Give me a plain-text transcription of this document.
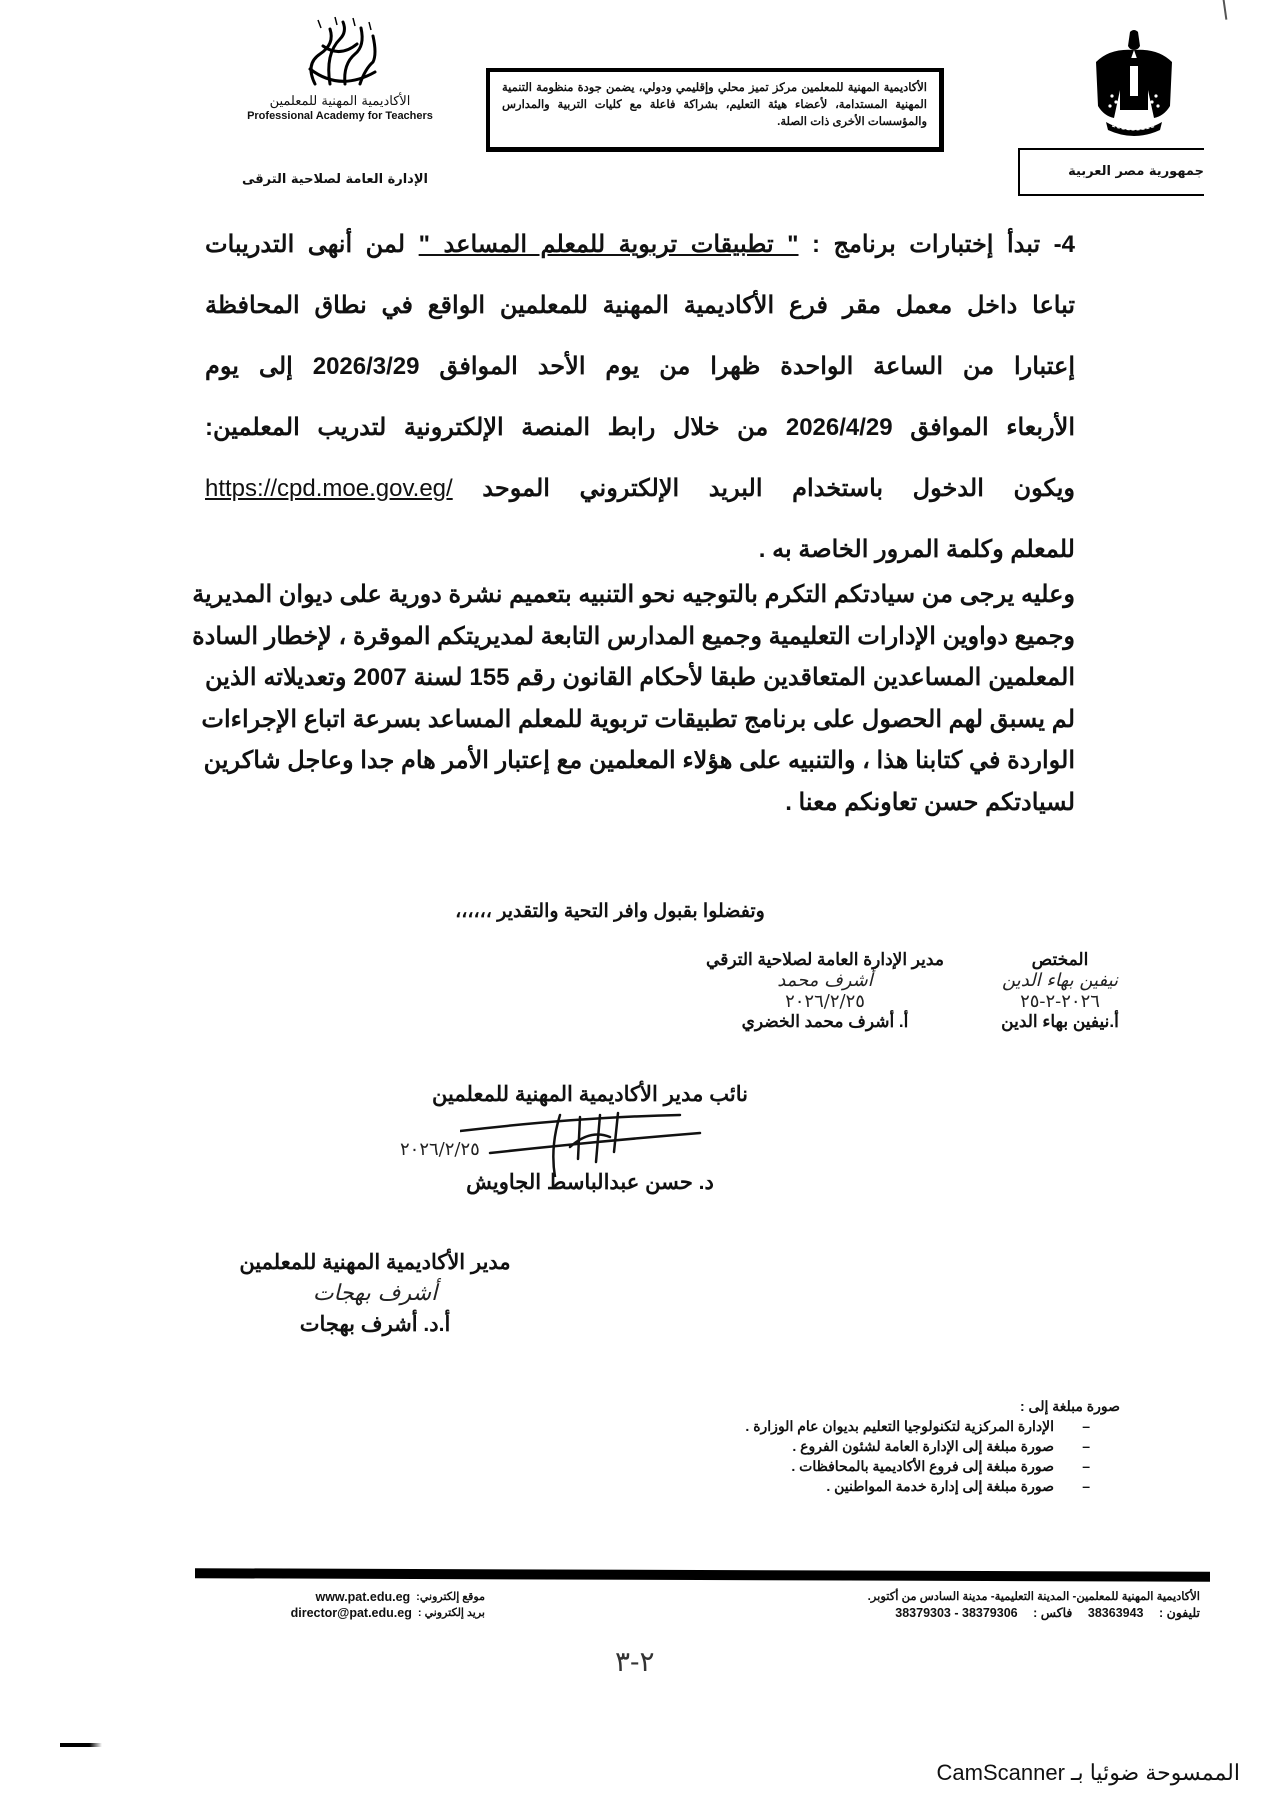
الأكاديمية المهنية للمعلمين
Professional Academy for Teachers
الإدارة العامة لصلاحية الترقى
الأكاديمية المهنية للمعلمين مركز تميز محلي وإقليمي ودولي، يضمن جودة منظومة التنمية المهنية المستدامة، لأعضاء هيئة التعليم، بشراكة فاعلة مع كليات التربية والمدارس والمؤسسات الأخرى ذات الصلة.
جمهورية مصر العربية
4- تبدأ إختبارات برنامج : " تطبيقات تربوية للمعلم المساعد " لمن أنهى التدريبات
تباعا داخل معمل مقر فرع الأكاديمية المهنية للمعلمين الواقع في نطاق المحافظة
إعتبارا من الساعة الواحدة ظهرا من يوم الأحد الموافق 2026/3/29 إلى يوم
الأربعاء الموافق 2026/4/29 من خلال رابط المنصة الإلكترونية لتدريب المعلمين:
ويكون الدخول باستخدام البريد الإلكتروني الموحد https://cpd.moe.gov.eg/
للمعلم وكلمة المرور الخاصة به .
وعليه يرجى من سيادتكم التكرم بالتوجيه نحو التنبيه بتعميم نشرة دورية على ديوان المديرية
وجميع دواوين الإدارات التعليمية وجميع المدارس التابعة لمديريتكم الموقرة ، لإخطار السادة
المعلمين المساعدين المتعاقدين طبقا لأحكام القانون رقم 155 لسنة 2007 وتعديلاته الذين
لم يسبق لهم الحصول على برنامج تطبيقات تربوية للمعلم المساعد بسرعة اتباع الإجراءات
الواردة في كتابنا هذا ، والتنبيه على هؤلاء المعلمين مع إعتبار الأمر هام جدا وعاجل شاكرين
لسيادتكم حسن تعاونكم معنا .
وتفضلوا بقبول وافر التحية والتقدير ،،،،،،
المختص
نيفين بهاء الدين
٢٠٢٦-٢-٢٥
أ.نيفين بهاء الدين
مدير الإدارة العامة لصلاحية الترقي
أشرف محمد
٢٠٢٦/٢/٢٥
أ. أشرف محمد الخضري
نائب مدير الأكاديمية المهنية للمعلمين
٢٠٢٦/٢/٢٥
د. حسن عبدالباسط الجاويش
مدير الأكاديمية المهنية للمعلمين
أشرف بهجات
أ.د. أشرف بهجات
صورة مبلغة إلى :
– الإدارة المركزية لتكنولوجيا التعليم بديوان عام الوزارة .
– صورة مبلغة إلى الإدارة العامة لشئون الفروع .
– صورة مبلغة إلى فروع الأكاديمية بالمحافظات .
– صورة مبلغة إلى إدارة خدمة المواطنين .
www.pat.edu.eg موقع إلكتروني:
director@pat.edu.eg بريد إلكتروني :
الأكاديمية المهنية للمعلمين- المدينة التعليمية- مدينة السادس من أكتوبر.
تليفون : 38363943 فاكس : 38379303 - 38379306
٢-٣
الممسوحة ضوئيا بـ CamScanner
